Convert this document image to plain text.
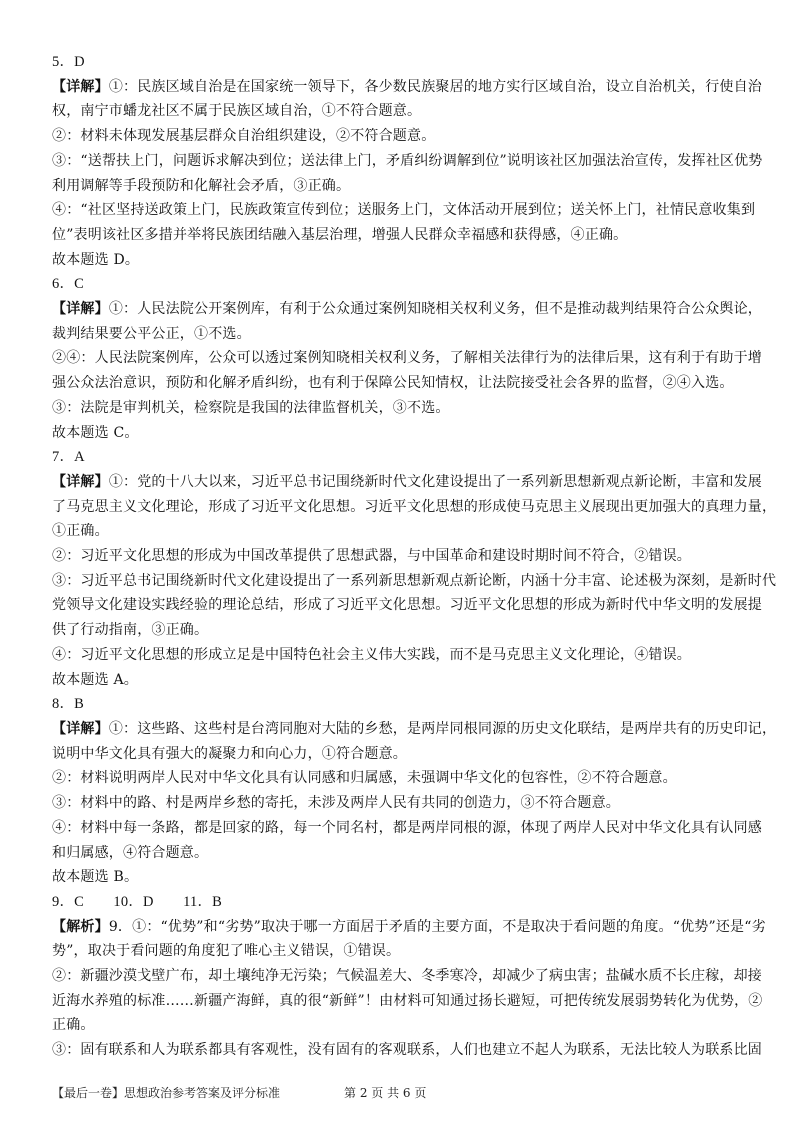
5．D
【详解】①：民族区域自治是在国家统一领导下，各少数民族聚居的地方实行区域自治，设立自治机关，行使自治
权，南宁市蟠龙社区不属于民族区域自治，①不符合题意。
②：材料未体现发展基层群众自治组织建设，②不符合题意。
③：“送帮扶上门，问题诉求解决到位；送法律上门，矛盾纠纷调解到位”说明该社区加强法治宣传，发挥社区优势
利用调解等手段预防和化解社会矛盾，③正确。
④：“社区坚持送政策上门，民族政策宣传到位；送服务上门，文体活动开展到位；送关怀上门，社情民意收集到
位”表明该社区多措并举将民族团结融入基层治理，增强人民群众幸福感和获得感，④正确。
故本题选 D。
6．C
【详解】①：人民法院公开案例库，有利于公众通过案例知晓相关权利义务，但不是推动裁判结果符合公众舆论，
裁判结果要公平公正，①不选。
②④：人民法院案例库，公众可以透过案例知晓相关权利义务，了解相关法律行为的法律后果，这有利于有助于增
强公众法治意识，预防和化解矛盾纠纷，也有利于保障公民知情权，让法院接受社会各界的监督，②④入选。
③：法院是审判机关，检察院是我国的法律监督机关，③不选。
故本题选 C。
7．A
【详解】①：党的十八大以来，习近平总书记围绕新时代文化建设提出了一系列新思想新观点新论断，丰富和发展
了马克思主义文化理论，形成了习近平文化思想。习近平文化思想的形成使马克思主义展现出更加强大的真理力量，
①正确。
②：习近平文化思想的形成为中国改革提供了思想武器，与中国革命和建设时期时间不符合，②错误。
③：习近平总书记围绕新时代文化建设提出了一系列新思想新观点新论断，内涵十分丰富、论述极为深刻，是新时代
党领导文化建设实践经验的理论总结，形成了习近平文化思想。习近平文化思想的形成为新时代中华文明的发展提
供了行动指南，③正确。
④：习近平文化思想的形成立足是中国特色社会主义伟大实践，而不是马克思主义文化理论，④错误。
故本题选 A。
8．B
【详解】①：这些路、这些村是台湾同胞对大陆的乡愁，是两岸同根同源的历史文化联结，是两岸共有的历史印记，
说明中华文化具有强大的凝聚力和向心力，①符合题意。
②：材料说明两岸人民对中华文化具有认同感和归属感，未强调中华文化的包容性，②不符合题意。
③：材料中的路、村是两岸乡愁的寄托，未涉及两岸人民有共同的创造力，③不符合题意。
④：材料中每一条路，都是回家的路，每一个同名村，都是两岸同根的源，体现了两岸人民对中华文化具有认同感
和归属感，④符合题意。
故本题选 B。
9．C　　10．D　　11．B
【解析】9．①：“优势”和“劣势”取决于哪一方面居于矛盾的主要方面，不是取决于看问题的角度。“优势”还是“劣
势”，取决于看问题的角度犯了唯心主义错误，①错误。
②：新疆沙漠戈壁广布，却土壤纯净无污染；气候温差大、冬季寒冷，却减少了病虫害；盐碱水质不长庄稼，却接
近海水养殖的标准……新疆产海鲜，真的很“新鲜”！由材料可知通过扬长避短，可把传统发展弱势转化为优势，②
正确。
③：固有联系和人为联系都具有客观性，没有固有的客观联系，人们也建立不起人为联系，无法比较人为联系比固
【最后一卷】思想政治参考答案及评分标准	第 2 页 共 6 页
